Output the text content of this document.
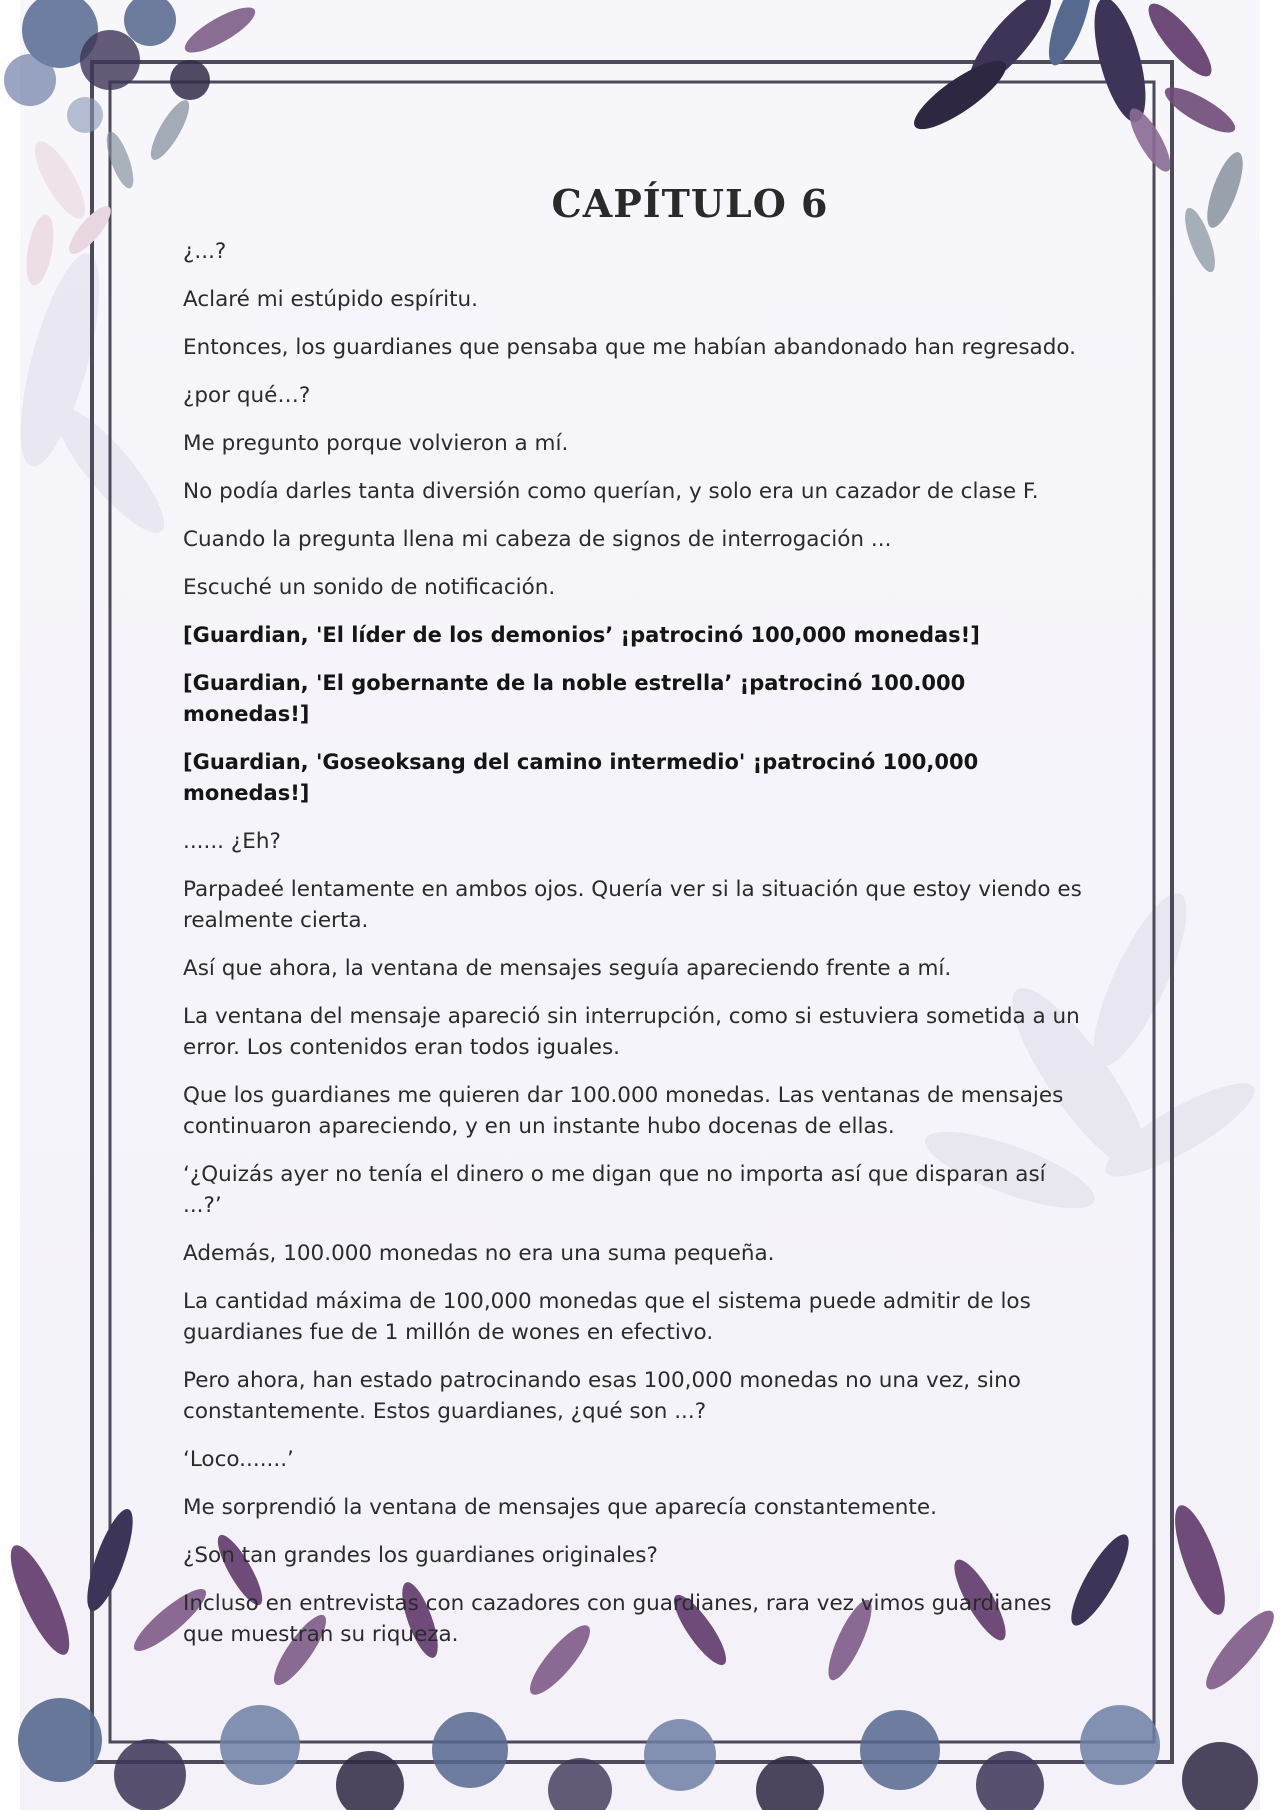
CAPÍTULO 6

¿...?

Aclaré mi estúpido espíritu.

Entonces, los guardianes que pensaba que me habían abandonado han regresado.

¿por qué…?

Me pregunto porque volvieron a mí.

No podía darles tanta diversión como querían, y solo era un cazador de clase F.

Cuando la pregunta llena mi cabeza de signos de interrogación ...

Escuché un sonido de notificación.

[Guardian, 'El líder de los demonios’ ¡patrocinó 100,000 monedas!]

[Guardian, 'El gobernante de la noble estrella’ ¡patrocinó 100.000 monedas!]

[Guardian, 'Goseoksang del camino intermedio' ¡patrocinó 100,000 monedas!]

...... ¿Eh?

Parpadeé lentamente en ambos ojos. Quería ver si la situación que estoy viendo es realmente cierta.

Así que ahora, la ventana de mensajes seguía apareciendo frente a mí.

La ventana del mensaje apareció sin interrupción, como si estuviera sometida a un error. Los contenidos eran todos iguales.

Que los guardianes me quieren dar 100.000 monedas. Las ventanas de mensajes continuaron apareciendo, y en un instante hubo docenas de ellas.

‘¿Quizás ayer no tenía el dinero o me digan que no importa así que disparan así ...?’

Además, 100.000 monedas no era una suma pequeña.

La cantidad máxima de 100,000 monedas que el sistema puede admitir de los guardianes fue de 1 millón de wones en efectivo.

Pero ahora, han estado patrocinando esas 100,000 monedas no una vez, sino constantemente. Estos guardianes, ¿qué son ...?

‘Loco.......’

Me sorprendió la ventana de mensajes que aparecía constantemente.

¿Son tan grandes los guardianes originales?

Incluso en entrevistas con cazadores con guardianes, rara vez vimos guardianes que muestran su riqueza.
